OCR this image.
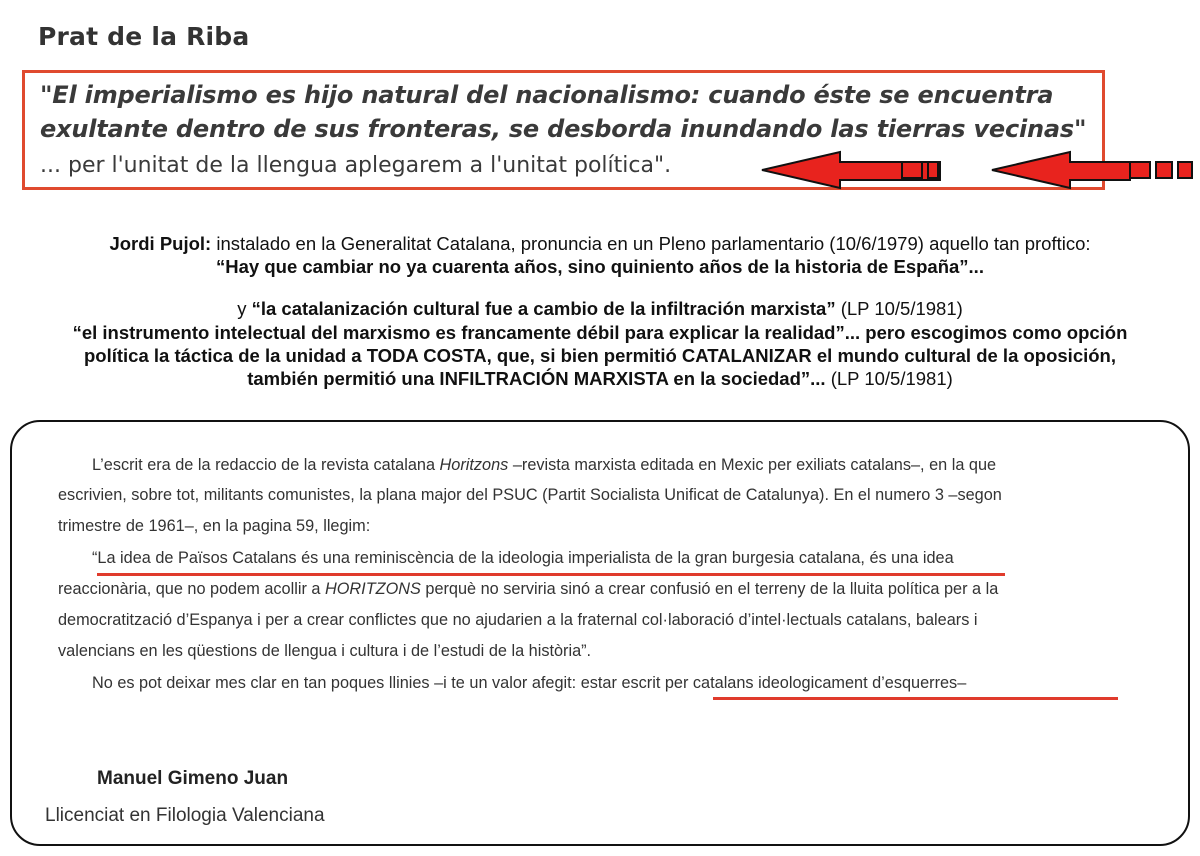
Prat de la Riba
"El imperialismo es hijo natural del nacionalismo: cuando éste se encuentra
exultante dentro de sus fronteras, se desborda inundando las tierras vecinas"
... per l'unitat de la llengua aplegarem a l'unitat política".
Jordi Pujol: instalado en la Generalitat Catalana, pronuncia en un Pleno parlamentario (10/6/1979) aquello tan proftico:
“Hay que cambiar no ya cuarenta años, sino quiniento años de la historia de España”...
y “la catalanización cultural fue a cambio de la infiltración marxista” (LP 10/5/1981)
“el instrumento intelectual del marxismo es francamente débil para explicar la realidad”... pero escogimos como opción
política la táctica de la unidad a TODA COSTA, que, si bien permitió CATALANIZAR el mundo cultural de la oposición,
también permitió una INFILTRACIÓN MARXISTA en la sociedad”... (LP 10/5/1981)
L’escrit era de la redaccio de la revista catalana Horitzons –revista marxista editada en Mexic per exiliats catalans–, en la que
escrivien, sobre tot, militants comunistes, la plana major del PSUC (Partit Socialista Unificat de Catalunya). En el numero 3 –segon
trimestre de 1961–, en la pagina 59, llegim:
“La idea de Països Catalans és una reminiscència de la ideologia imperialista de la gran burgesia catalana, és una idea
reaccionària, que no podem acollir a HORITZONS perquè no serviria sinó a crear confusió en el terreny de la lluita política per a la
democratització d’Espanya i per a crear conflictes que no ajudarien a la fraternal col·laboració d’intel·lectuals catalans, balears i
valencians en les qüestions de llengua i cultura i de l’estudi de la història”.
No es pot deixar mes clar en tan poques llinies –i te un valor afegit: estar escrit per catalans ideologicament d’esquerres–
Manuel Gimeno Juan
Llicenciat en Filologia Valenciana
